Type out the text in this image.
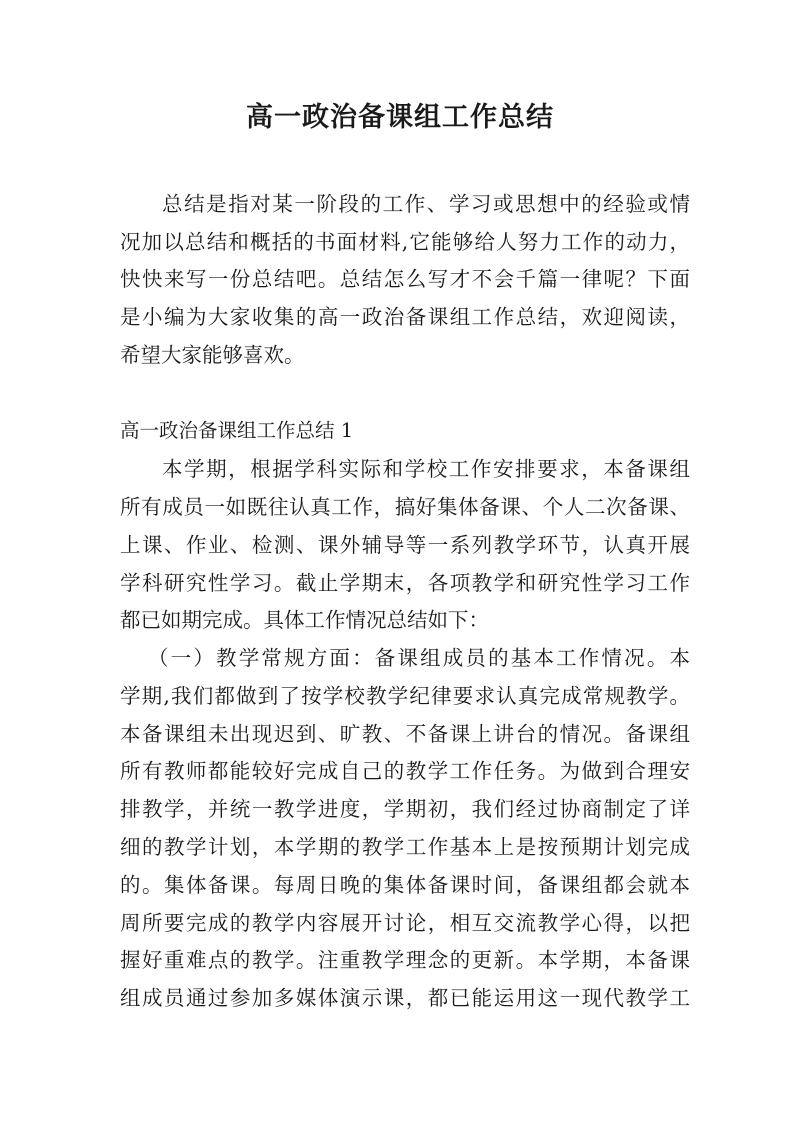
高一政治备课组工作总结
总结是指对某一阶段的工作、学习或思想中的经验或情
况加以总结和概括的书面材料,它能够给人努力工作的动力，
快快来写一份总结吧。总结怎么写才不会千篇一律呢？下面
是小编为大家收集的高一政治备课组工作总结，欢迎阅读，
希望大家能够喜欢。
高一政治备课组工作总结 1
本学期，根据学科实际和学校工作安排要求，本备课组
所有成员一如既往认真工作，搞好集体备课、个人二次备课、
上课、作业、检测、课外辅导等一系列教学环节，认真开展
学科研究性学习。截止学期末，各项教学和研究性学习工作
都已如期完成。具体工作情况总结如下：
（一）教学常规方面：备课组成员的基本工作情况。本
学期,我们都做到了按学校教学纪律要求认真完成常规教学。
本备课组未出现迟到、旷教、不备课上讲台的情况。备课组
所有教师都能较好完成自己的教学工作任务。为做到合理安
排教学，并统一教学进度，学期初，我们经过协商制定了详
细的教学计划，本学期的教学工作基本上是按预期计划完成
的。集体备课。每周日晚的集体备课时间，备课组都会就本
周所要完成的教学内容展开讨论，相互交流教学心得，以把
握好重难点的教学。注重教学理念的更新。本学期，本备课
组成员通过参加多媒体演示课，都已能运用这一现代教学工
